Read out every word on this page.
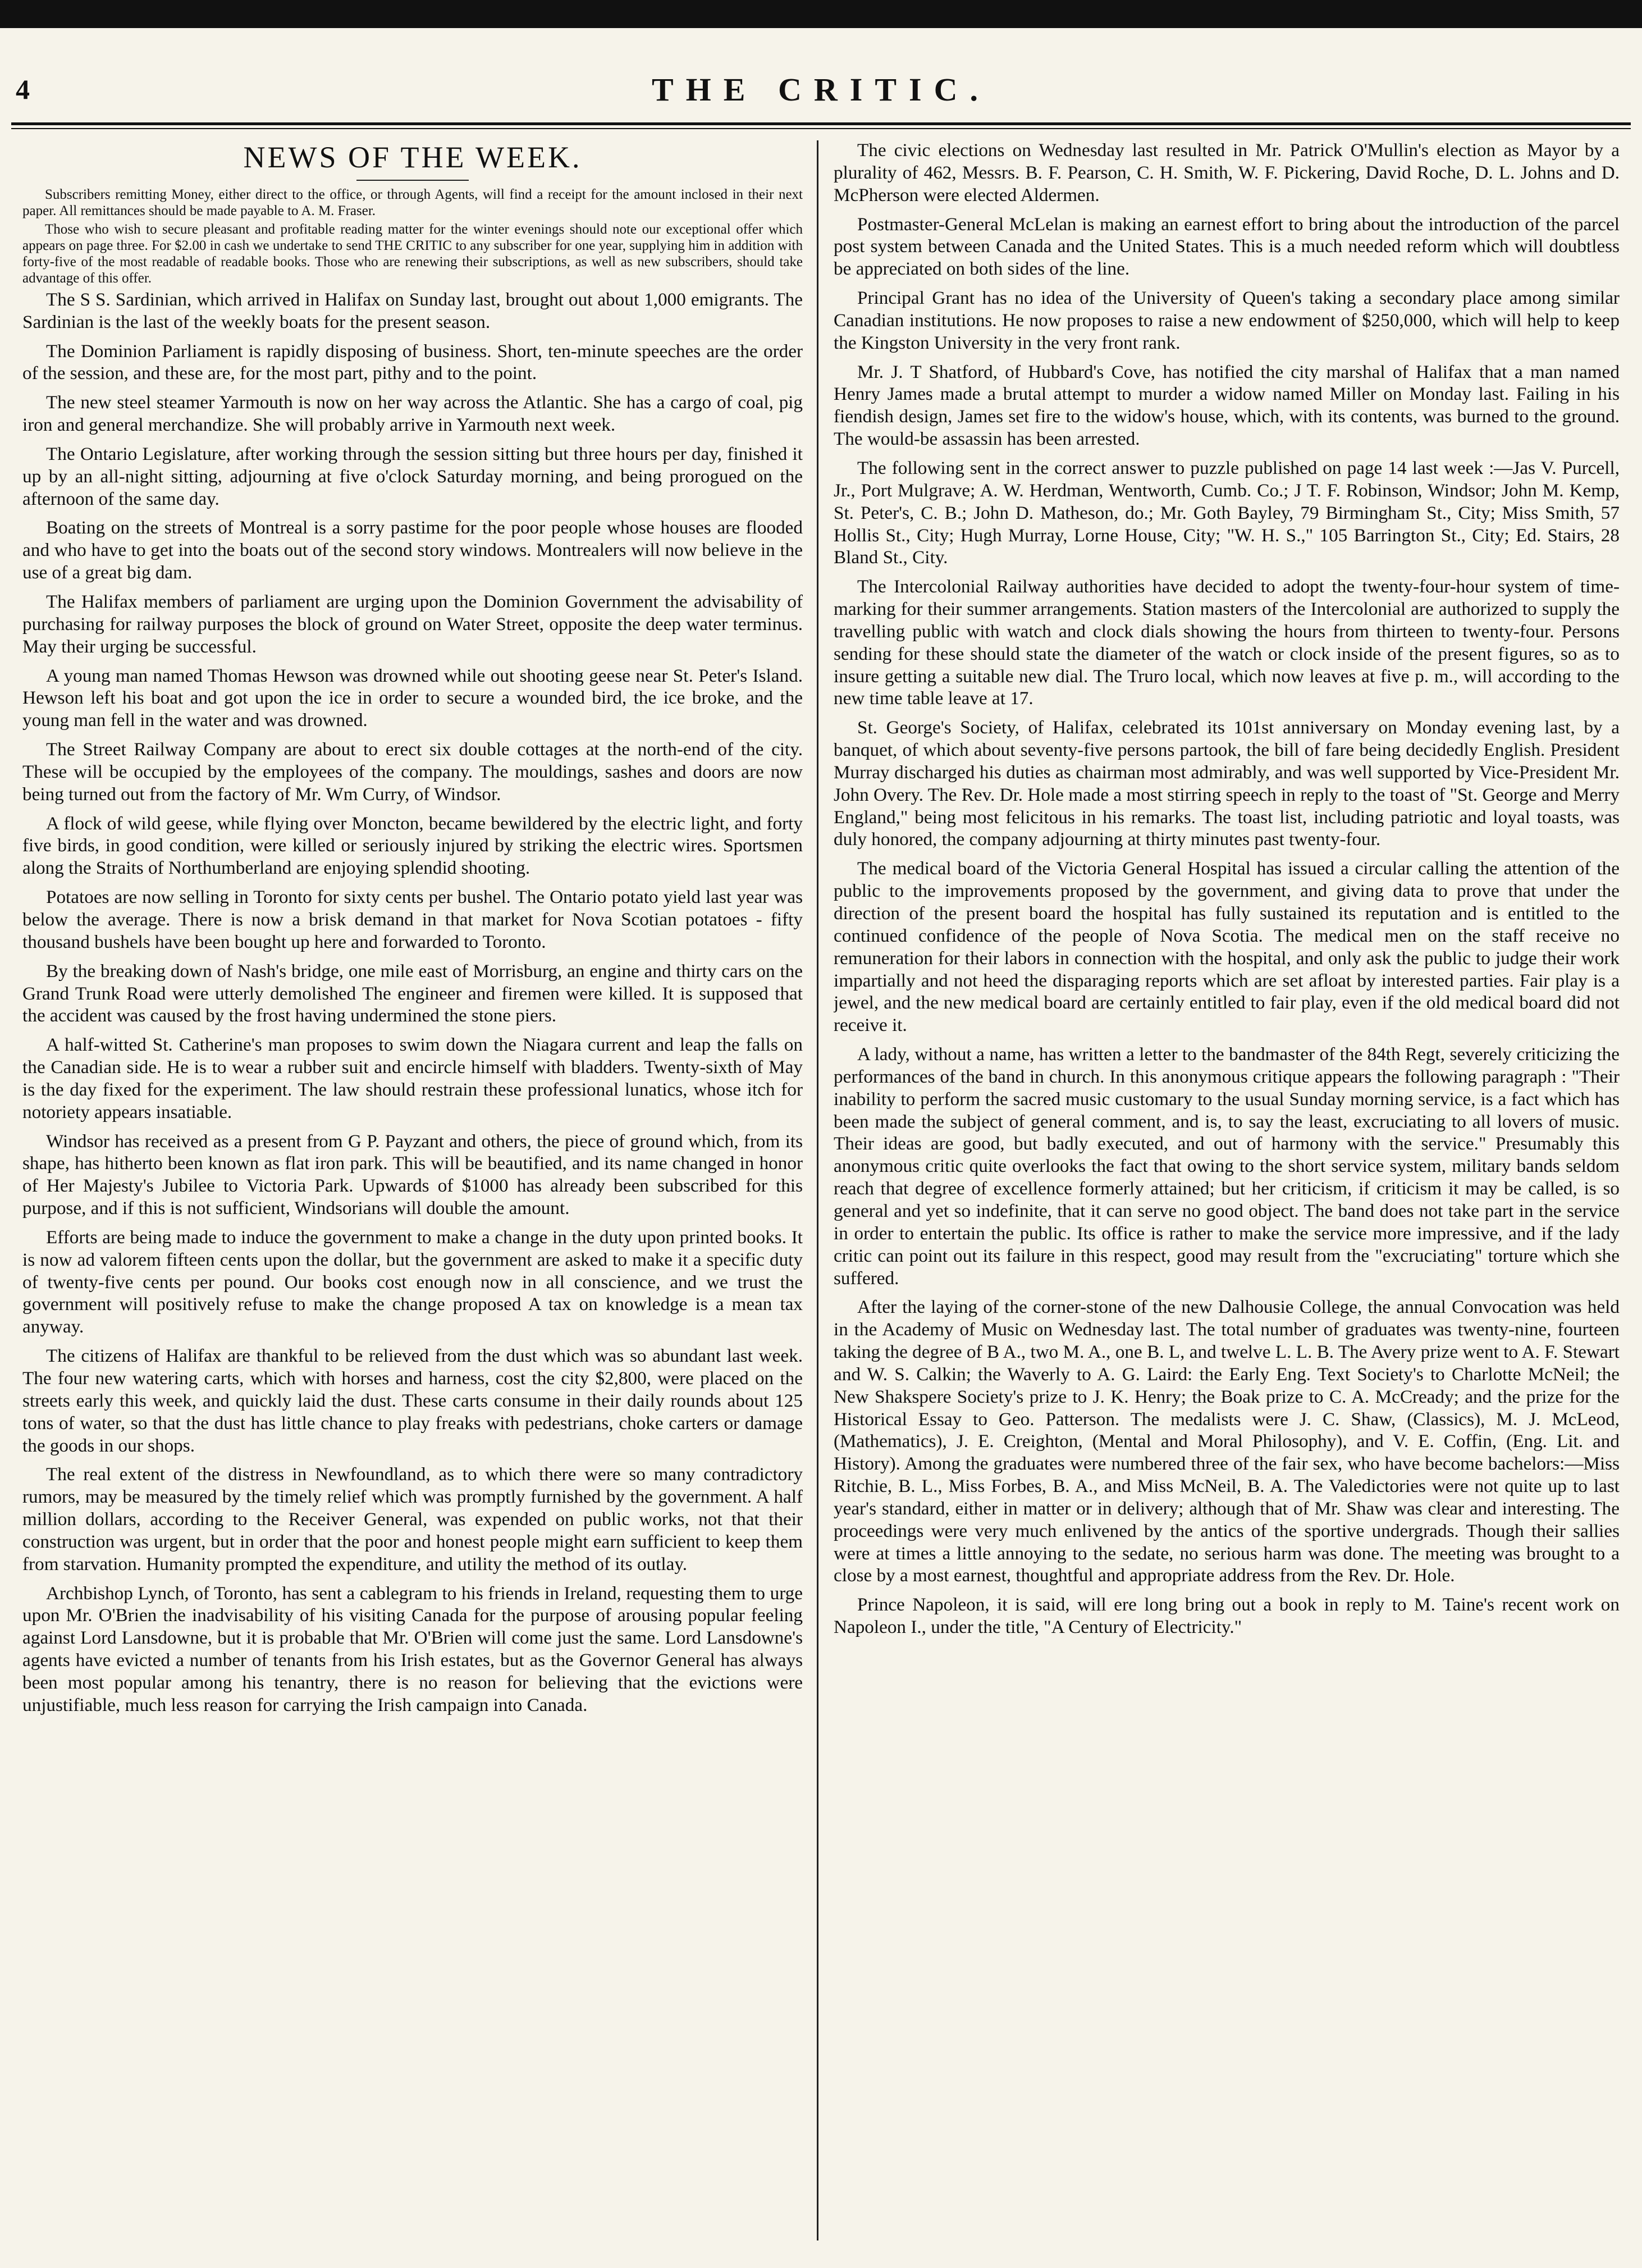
4	THE CRITIC.
NEWS OF THE WEEK.

Subscribers remitting Money, either direct to the office, or through Agents, will find a receipt for the amount inclosed in their next paper. All remittances should be made payable to A. M. Fraser.

Those who wish to secure pleasant and profitable reading matter for the winter evenings should note our exceptional offer which appears on page three. For $2.00 in cash we undertake to send THE CRITIC to any subscriber for one year, supplying him in addition with forty-five of the most readable of readable books. Those who are renewing their subscriptions, as well as new subscribers, should take advantage of this offer.

The S S. Sardinian, which arrived in Halifax on Sunday last, brought out about 1,000 emigrants. The Sardinian is the last of the weekly boats for the present season.

The Dominion Parliament is rapidly disposing of business. Short, ten-minute speeches are the order of the session, and these are, for the most part, pithy and to the point.

The new steel steamer Yarmouth is now on her way across the Atlantic. She has a cargo of coal, pig iron and general merchandize. She will probably arrive in Yarmouth next week.

The Ontario Legislature, after working through the session sitting but three hours per day, finished it up by an all-night sitting, adjourning at five o'clock Saturday morning, and being prorogued on the afternoon of the same day.

Boating on the streets of Montreal is a sorry pastime for the poor people whose houses are flooded and who have to get into the boats out of the second story windows. Montrealers will now believe in the use of a great big dam.

The Halifax members of parliament are urging upon the Dominion Government the advisability of purchasing for railway purposes the block of ground on Water Street, opposite the deep water terminus. May their urging be successful.

A young man named Thomas Hewson was drowned while out shooting geese near St. Peter's Island. Hewson left his boat and got upon the ice in order to secure a wounded bird, the ice broke, and the young man fell in the water and was drowned.

The Street Railway Company are about to erect six double cottages at the north-end of the city. These will be occupied by the employees of the company. The mouldings, sashes and doors are now being turned out from the factory of Mr. Wm Curry, of Windsor.

A flock of wild geese, while flying over Moncton, became bewildered by the electric light, and forty five birds, in good condition, were killed or seriously injured by striking the electric wires. Sportsmen along the Straits of Northumberland are enjoying splendid shooting.

Potatoes are now selling in Toronto for sixty cents per bushel. The Ontario potato yield last year was below the average. There is now a brisk demand in that market for Nova Scotian potatoes - fifty thousand bushels have been bought up here and forwarded to Toronto.

By the breaking down of Nash's bridge, one mile east of Morrisburg, an engine and thirty cars on the Grand Trunk Road were utterly demolished The engineer and firemen were killed. It is supposed that the accident was caused by the frost having undermined the stone piers.

A half-witted St. Catherine's man proposes to swim down the Niagara current and leap the falls on the Canadian side. He is to wear a rubber suit and encircle himself with bladders. Twenty-sixth of May is the day fixed for the experiment. The law should restrain these professional lunatics, whose itch for notoriety appears insatiable.

Windsor has received as a present from G P. Payzant and others, the piece of ground which, from its shape, has hitherto been known as flat iron park. This will be beautified, and its name changed in honor of Her Majesty's Jubilee to Victoria Park. Upwards of $1000 has already been subscribed for this purpose, and if this is not sufficient, Windsorians will double the amount.

Efforts are being made to induce the government to make a change in the duty upon printed books. It is now ad valorem fifteen cents upon the dollar, but the government are asked to make it a specific duty of twenty-five cents per pound. Our books cost enough now in all conscience, and we trust the government will positively refuse to make the change proposed A tax on knowledge is a mean tax anyway.

The citizens of Halifax are thankful to be relieved from the dust which was so abundant last week. The four new watering carts, which with horses and harness, cost the city $2,800, were placed on the streets early this week, and quickly laid the dust. These carts consume in their daily rounds about 125 tons of water, so that the dust has little chance to play freaks with pedestrians, choke carters or damage the goods in our shops.

The real extent of the distress in Newfoundland, as to which there were so many contradictory rumors, may be measured by the timely relief which was promptly furnished by the government. A half million dollars, according to the Receiver General, was expended on public works, not that their construction was urgent, but in order that the poor and honest people might earn sufficient to keep them from starvation. Humanity prompted the expenditure, and utility the method of its outlay.

Archbishop Lynch, of Toronto, has sent a cablegram to his friends in Ireland, requesting them to urge upon Mr. O'Brien the inadvisability of his visiting Canada for the purpose of arousing popular feeling against Lord Lansdowne, but it is probable that Mr. O'Brien will come just the same. Lord Lansdowne's agents have evicted a number of tenants from his Irish estates, but as the Governor General has always been most popular among his tenantry, there is no reason for believing that the evictions were unjustifiable, much less reason for carrying the Irish campaign into Canada.

The civic elections on Wednesday last resulted in Mr. Patrick O'Mullin's election as Mayor by a plurality of 462, Messrs. B. F. Pearson, C. H. Smith, W. F. Pickering, David Roche, D. L. Johns and D. McPherson were elected Aldermen.

Postmaster-General McLelan is making an earnest effort to bring about the introduction of the parcel post system between Canada and the United States. This is a much needed reform which will doubtless be appreciated on both sides of the line.

Principal Grant has no idea of the University of Queen's taking a secondary place among similar Canadian institutions. He now proposes to raise a new endowment of $250,000, which will help to keep the Kingston University in the very front rank.

Mr. J. T Shatford, of Hubbard's Cove, has notified the city marshal of Halifax that a man named Henry James made a brutal attempt to murder a widow named Miller on Monday last. Failing in his fiendish design, James set fire to the widow's house, which, with its contents, was burned to the ground. The would-be assassin has been arrested.

The following sent in the correct answer to puzzle published on page 14 last week :—Jas V. Purcell, Jr., Port Mulgrave; A. W. Herdman, Wentworth, Cumb. Co.; J T. F. Robinson, Windsor; John M. Kemp, St. Peter's, C. B.; John D. Matheson, do.; Mr. Goth Bayley, 79 Birmingham St., City; Miss Smith, 57 Hollis St., City; Hugh Murray, Lorne House, City; "W. H. S.," 105 Barrington St., City; Ed. Stairs, 28 Bland St., City.

The Intercolonial Railway authorities have decided to adopt the twenty-four-hour system of time-marking for their summer arrangements. Station masters of the Intercolonial are authorized to supply the travelling public with watch and clock dials showing the hours from thirteen to twenty-four. Persons sending for these should state the diameter of the watch or clock inside of the present figures, so as to insure getting a suitable new dial. The Truro local, which now leaves at five p. m., will according to the new time table leave at 17.

St. George's Society, of Halifax, celebrated its 101st anniversary on Monday evening last, by a banquet, of which about seventy-five persons partook, the bill of fare being decidedly English. President Murray discharged his duties as chairman most admirably, and was well supported by Vice-President Mr. John Overy. The Rev. Dr. Hole made a most stirring speech in reply to the toast of "St. George and Merry England," being most felicitous in his remarks. The toast list, including patriotic and loyal toasts, was duly honored, the company adjourning at thirty minutes past twenty-four.

The medical board of the Victoria General Hospital has issued a circular calling the attention of the public to the improvements proposed by the government, and giving data to prove that under the direction of the present board the hospital has fully sustained its reputation and is entitled to the continued confidence of the people of Nova Scotia. The medical men on the staff receive no remuneration for their labors in connection with the hospital, and only ask the public to judge their work impartially and not heed the disparaging reports which are set afloat by interested parties. Fair play is a jewel, and the new medical board are certainly entitled to fair play, even if the old medical board did not receive it.

A lady, without a name, has written a letter to the bandmaster of the 84th Regt, severely criticizing the performances of the band in church. In this anonymous critique appears the following paragraph : "Their inability to perform the sacred music customary to the usual Sunday morning service, is a fact which has been made the subject of general comment, and is, to say the least, excruciating to all lovers of music. Their ideas are good, but badly executed, and out of harmony with the service." Presumably this anonymous critic quite overlooks the fact that owing to the short service system, military bands seldom reach that degree of excellence formerly attained; but her criticism, if criticism it may be called, is so general and yet so indefinite, that it can serve no good object. The band does not take part in the service in order to entertain the public. Its office is rather to make the service more impressive, and if the lady critic can point out its failure in this respect, good may result from the "excruciating" torture which she suffered.

After the laying of the corner-stone of the new Dalhousie College, the annual Convocation was held in the Academy of Music on Wednesday last. The total number of graduates was twenty-nine, fourteen taking the degree of B A., two M. A., one B. L, and twelve L. L. B. The Avery prize went to A. F. Stewart and W. S. Calkin; the Waverly to A. G. Laird: the Early Eng. Text Society's to Charlotte McNeil; the New Shakspere Society's prize to J. K. Henry; the Boak prize to C. A. McCready; and the prize for the Historical Essay to Geo. Patterson. The medalists were J. C. Shaw, (Classics), M. J. McLeod, (Mathematics), J. E. Creighton, (Mental and Moral Philosophy), and V. E. Coffin, (Eng. Lit. and History). Among the graduates were numbered three of the fair sex, who have become bachelors:—Miss Ritchie, B. L., Miss Forbes, B. A., and Miss McNeil, B. A. The Valedictories were not quite up to last year's standard, either in matter or in delivery; although that of Mr. Shaw was clear and interesting. The proceedings were very much enlivened by the antics of the sportive undergrads. Though their sallies were at times a little annoying to the sedate, no serious harm was done. The meeting was brought to a close by a most earnest, thoughtful and appropriate address from the Rev. Dr. Hole.

Prince Napoleon, it is said, will ere long bring out a book in reply to M. Taine's recent work on Napoleon I., under the title, "A Century of Electricity."
